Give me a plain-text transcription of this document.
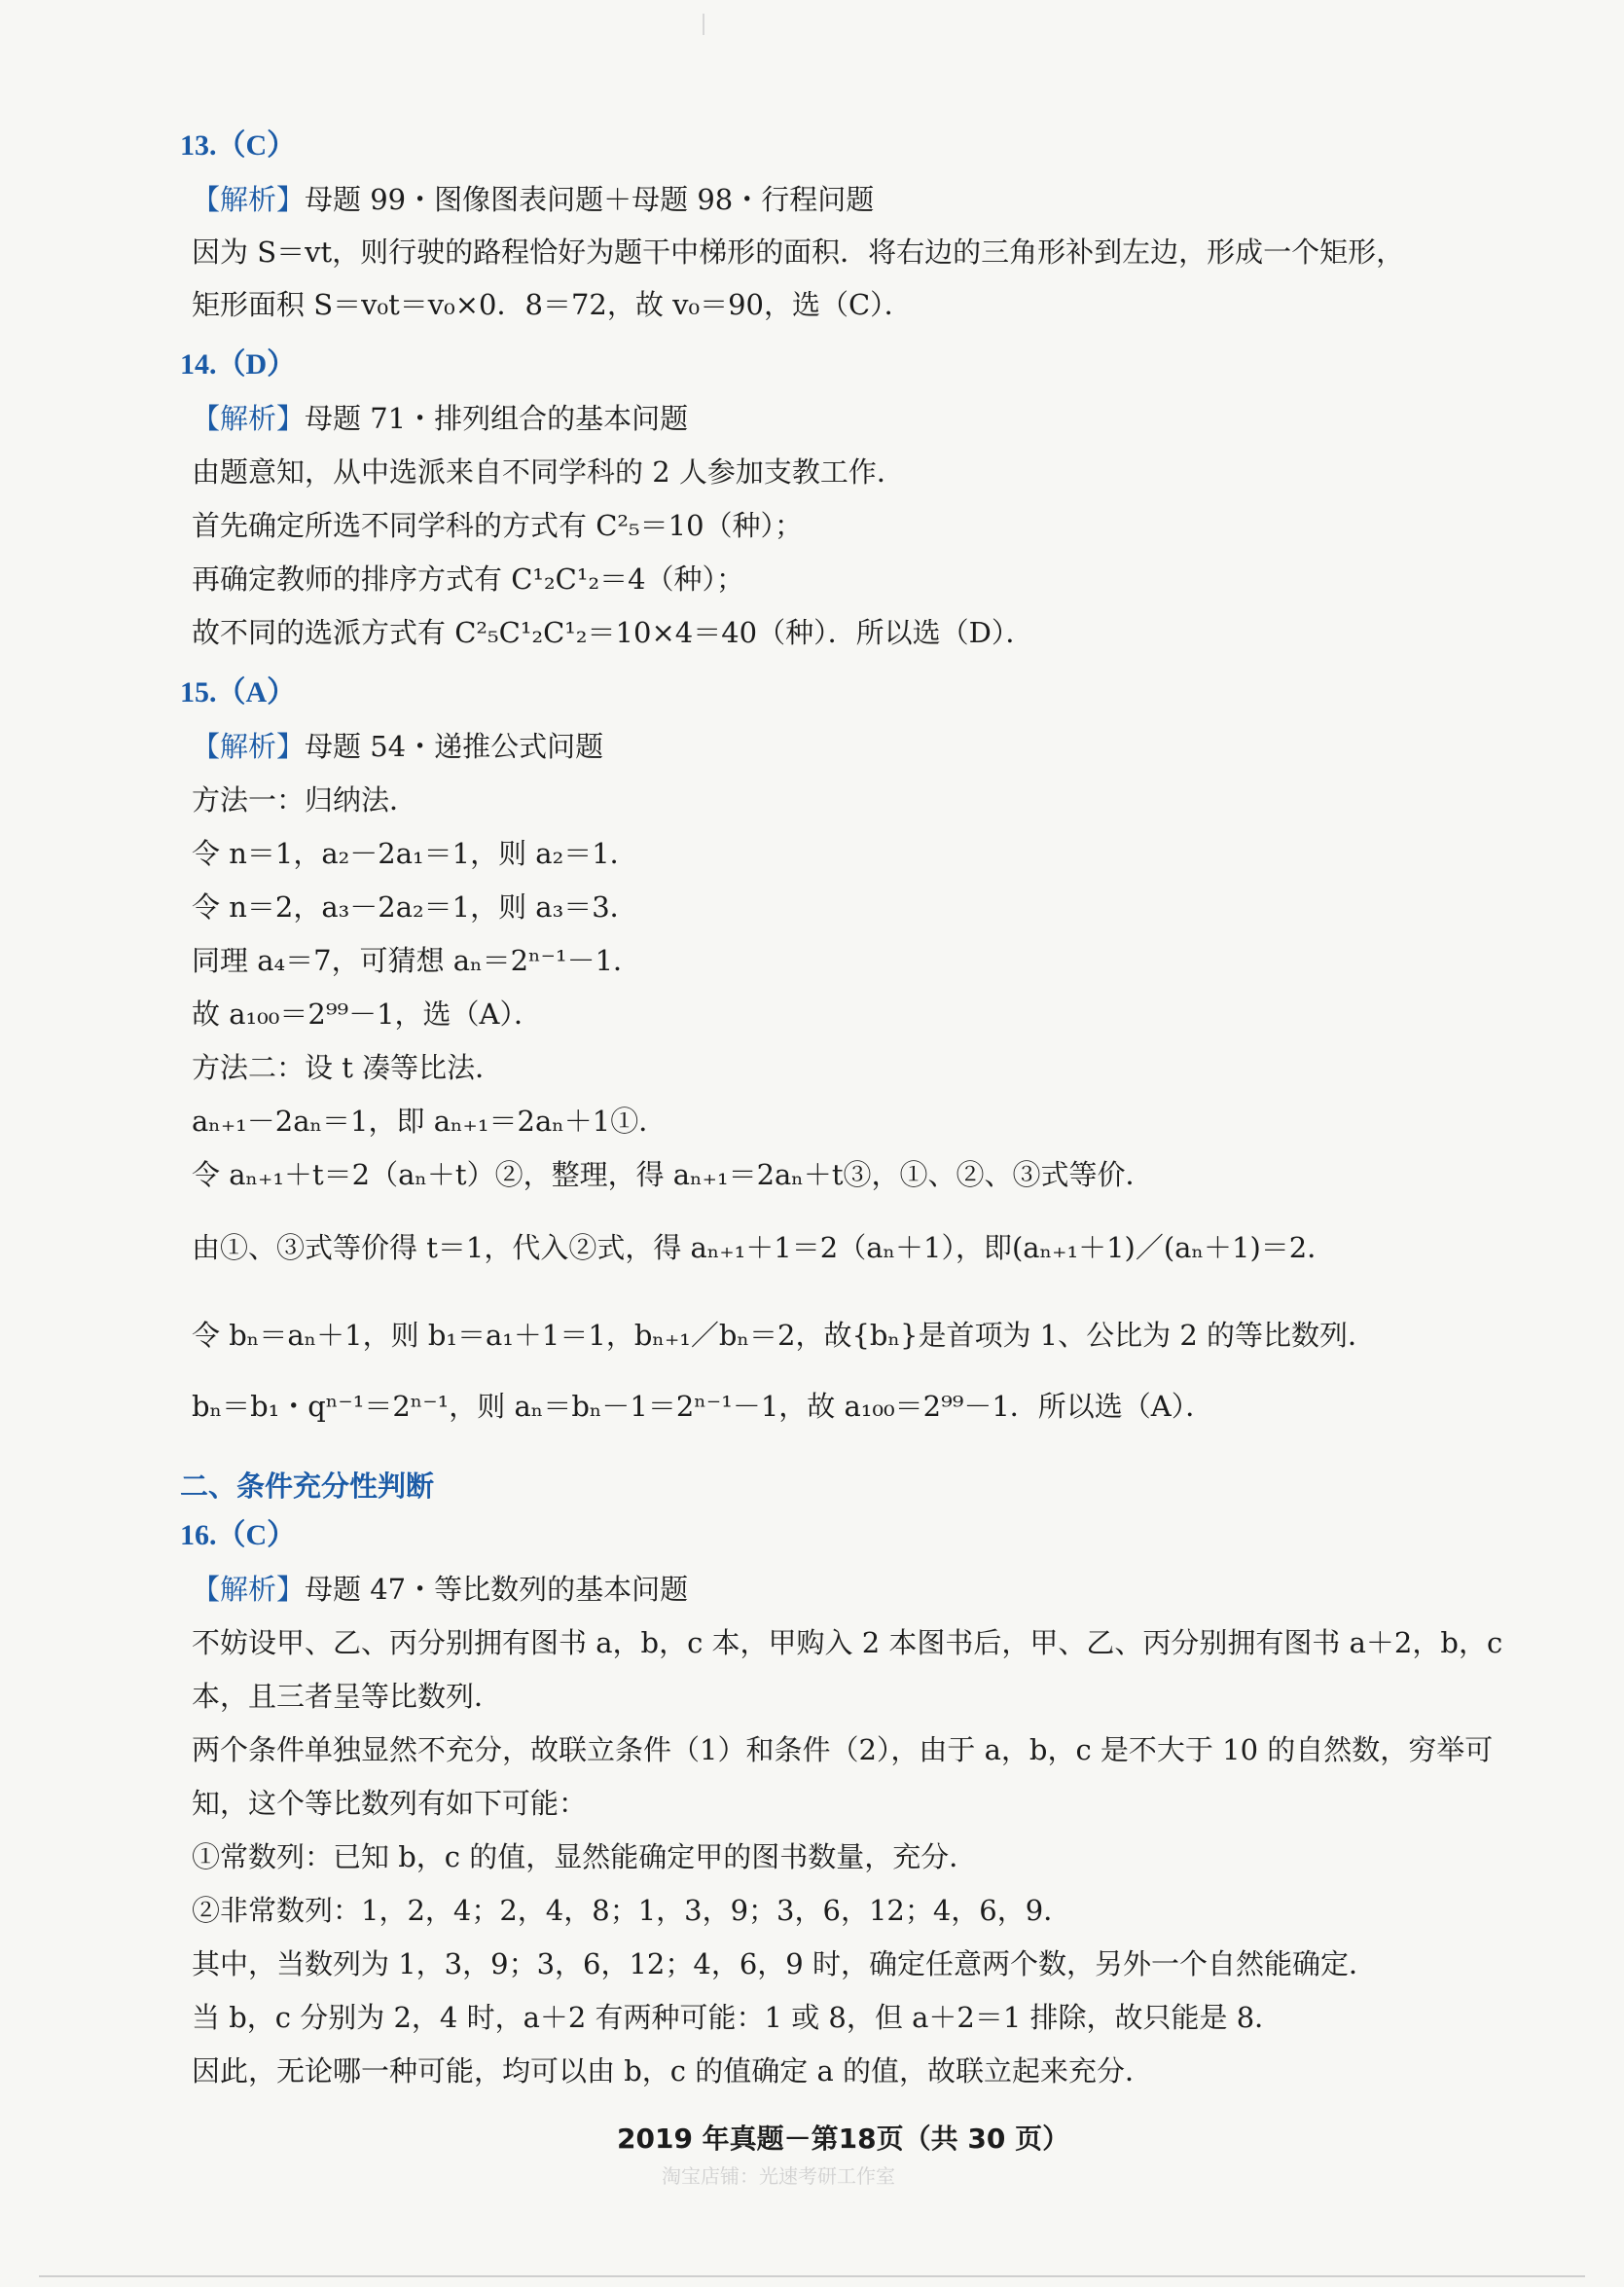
13.（C）
【解析】母题 99・图像图表问题＋母题 98・行程问题
因为 S＝vt，则行驶的路程恰好为题干中梯形的面积．将右边的三角形补到左边，形成一个矩形，
矩形面积 S＝v₀t＝v₀×0．8＝72，故 v₀＝90，选（C）．
14.（D）
【解析】母题 71・排列组合的基本问题
由题意知，从中选派来自不同学科的 2 人参加支教工作．
首先确定所选不同学科的方式有 C²₅＝10（种）；
再确定教师的排序方式有 C¹₂C¹₂＝4（种）；
故不同的选派方式有 C²₅C¹₂C¹₂＝10×4＝40（种）．所以选（D）．
15.（A）
【解析】母题 54・递推公式问题
方法一：归纳法．
令 n＝1，a₂－2a₁＝1，则 a₂＝1．
令 n＝2，a₃－2a₂＝1，则 a₃＝3．
同理 a₄＝7，可猜想 aₙ＝2ⁿ⁻¹－1．
故 a₁₀₀＝2⁹⁹－1，选（A）．
方法二：设 t 凑等比法．
aₙ₊₁－2aₙ＝1，即 aₙ₊₁＝2aₙ＋1①．
令 aₙ₊₁＋t＝2（aₙ＋t）②，整理，得 aₙ₊₁＝2aₙ＋t③，①、②、③式等价．
由①、③式等价得 t＝1，代入②式，得 aₙ₊₁＋1＝2（aₙ＋1），即(aₙ₊₁＋1)／(aₙ＋1)＝2．
令 bₙ＝aₙ＋1，则 b₁＝a₁＋1＝1，bₙ₊₁／bₙ＝2，故{bₙ}是首项为 1、公比为 2 的等比数列．
bₙ＝b₁・qⁿ⁻¹＝2ⁿ⁻¹，则 aₙ＝bₙ－1＝2ⁿ⁻¹－1，故 a₁₀₀＝2⁹⁹－1．所以选（A）．
二、条件充分性判断
16.（C）
【解析】母题 47・等比数列的基本问题
不妨设甲、乙、丙分别拥有图书 a，b，c 本，甲购入 2 本图书后，甲、乙、丙分别拥有图书 a＋2，b，c
本，且三者呈等比数列．
两个条件单独显然不充分，故联立条件（1）和条件（2），由于 a，b，c 是不大于 10 的自然数，穷举可
知，这个等比数列有如下可能：
①常数列：已知 b，c 的值，显然能确定甲的图书数量，充分．
②非常数列：1，2，4；2，4，8；1，3，9；3，6，12；4，6，9．
其中，当数列为 1，3，9；3，6，12；4，6，9 时，确定任意两个数，另外一个自然能确定．
当 b，c 分别为 2，4 时，a＋2 有两种可能：1 或 8，但 a＋2＝1 排除，故只能是 8．
因此，无论哪一种可能，均可以由 b，c 的值确定 a 的值，故联立起来充分．
2019 年真题－第18页（共 30 页）
淘宝店铺：光速考研工作室
